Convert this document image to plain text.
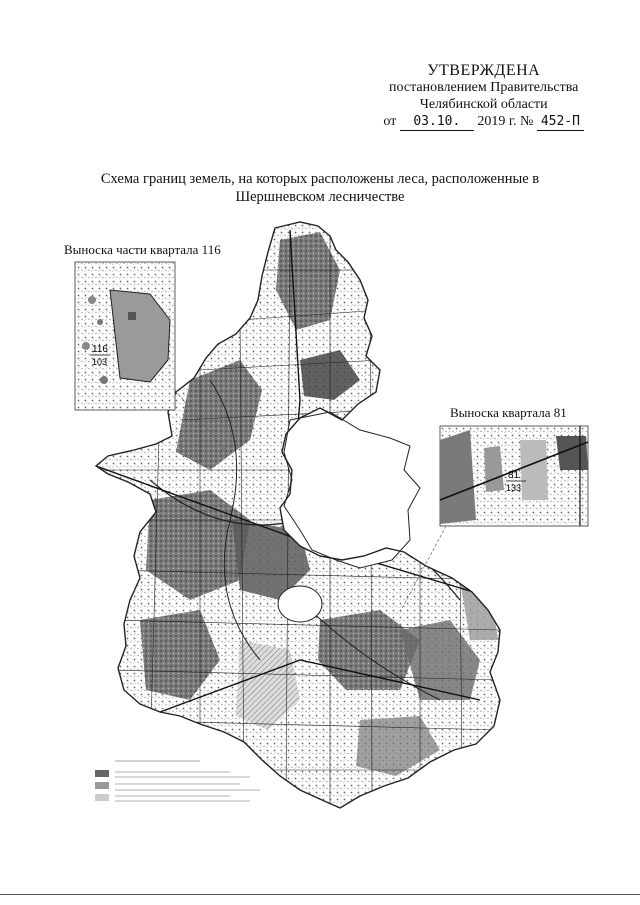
УТВЕРЖДЕНА
постановлением Правительства
Челябинской области
от 03.10. 2019 г. № 452-П
Схема границ земель, на которых расположены леса, расположенные в
Шершневском лесничестве
Выноска части квартала 116
Выноска квартала 81
116
103
81
133
